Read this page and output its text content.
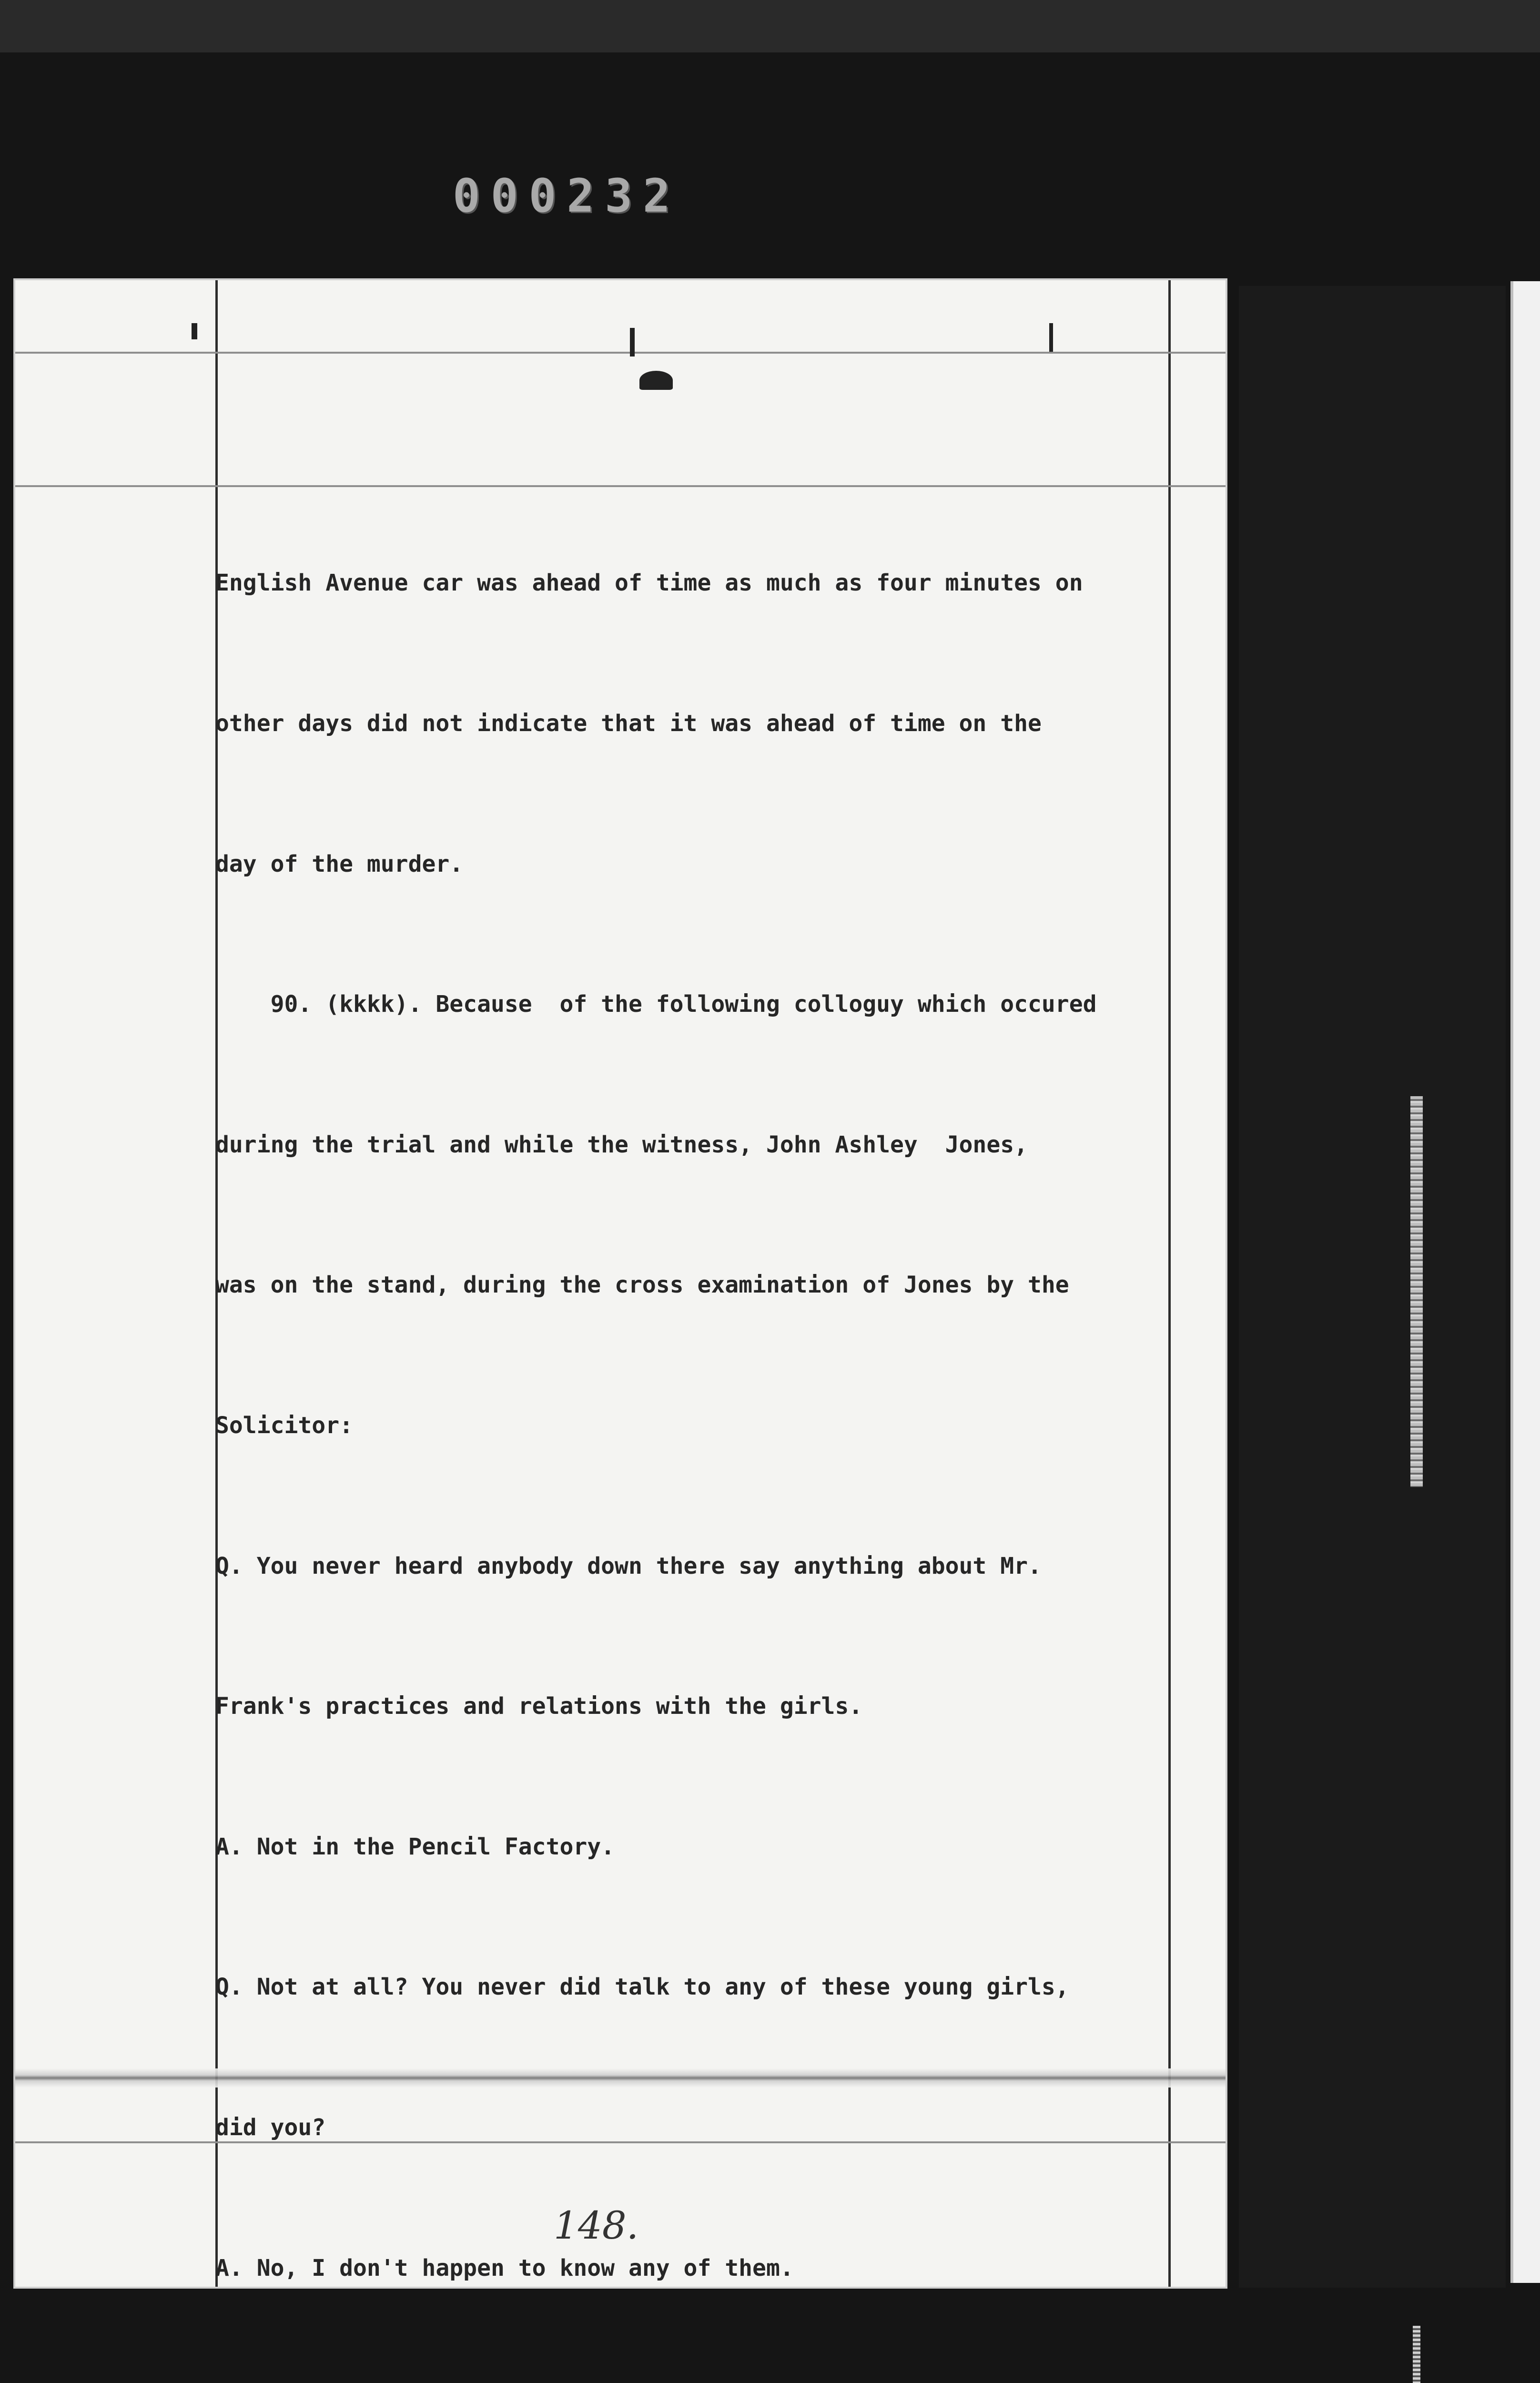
000232

English Avenue car was ahead of time as much as four minutes on

other days did not indicate that it was ahead of time on the

day of the murder.

90. (kkkk). Because  of the following colloguy which occured

during the trial and while the witness, John Ashley  Jones,

was on the stand, during the cross examination of Jones by the

Solicitor:

Q. You never heard anybody down there say anything about Mr.

Frank's practices and relations with the girls.

A. Not in the Pencil Factory.

Q. Not at all? You never did talk to any of these young girls,

did you?

A. No, I don't happen to know any of them.

148.
